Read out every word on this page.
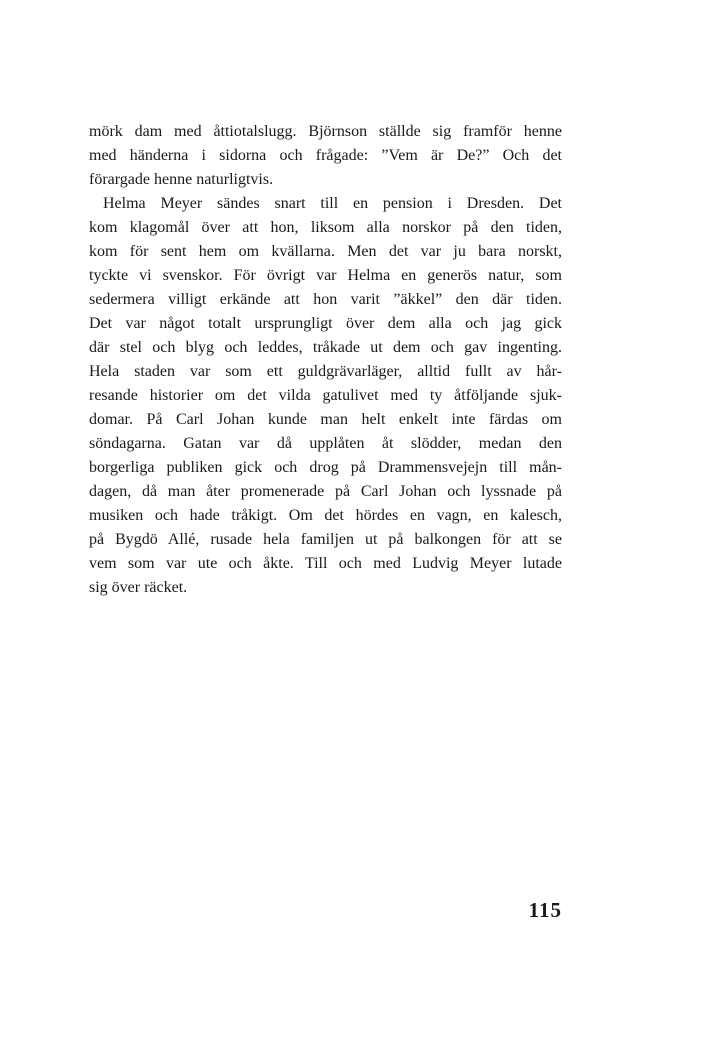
mörk dam med åttiotalslugg. Björnson ställde sig framför henne
med händerna i sidorna och frågade: ”Vem är De?” Och det
förargade henne naturligtvis.
Helma Meyer sändes snart till en pension i Dresden. Det
kom klagomål över att hon, liksom alla norskor på den tiden,
kom för sent hem om kvällarna. Men det var ju bara norskt,
tyckte vi svenskor. För övrigt var Helma en generös natur, som
sedermera villigt erkände att hon varit ”äkkel” den där tiden.
Det var något totalt ursprungligt över dem alla och jag gick
där stel och blyg och leddes, tråkade ut dem och gav ingenting.
Hela staden var som ett guldgrävarläger, alltid fullt av hår-
resande historier om det vilda gatulivet med ty åtföljande sjuk-
domar. På Carl Johan kunde man helt enkelt inte färdas om
söndagarna. Gatan var då upplåten åt slödder, medan den
borgerliga publiken gick och drog på Drammensvejejn till mån-
dagen, då man åter promenerade på Carl Johan och lyssnade på
musiken och hade tråkigt. Om det hördes en vagn, en kalesch,
på Bygdö Allé, rusade hela familjen ut på balkongen för att se
vem som var ute och åkte. Till och med Ludvig Meyer lutade
sig över räcket.
115
